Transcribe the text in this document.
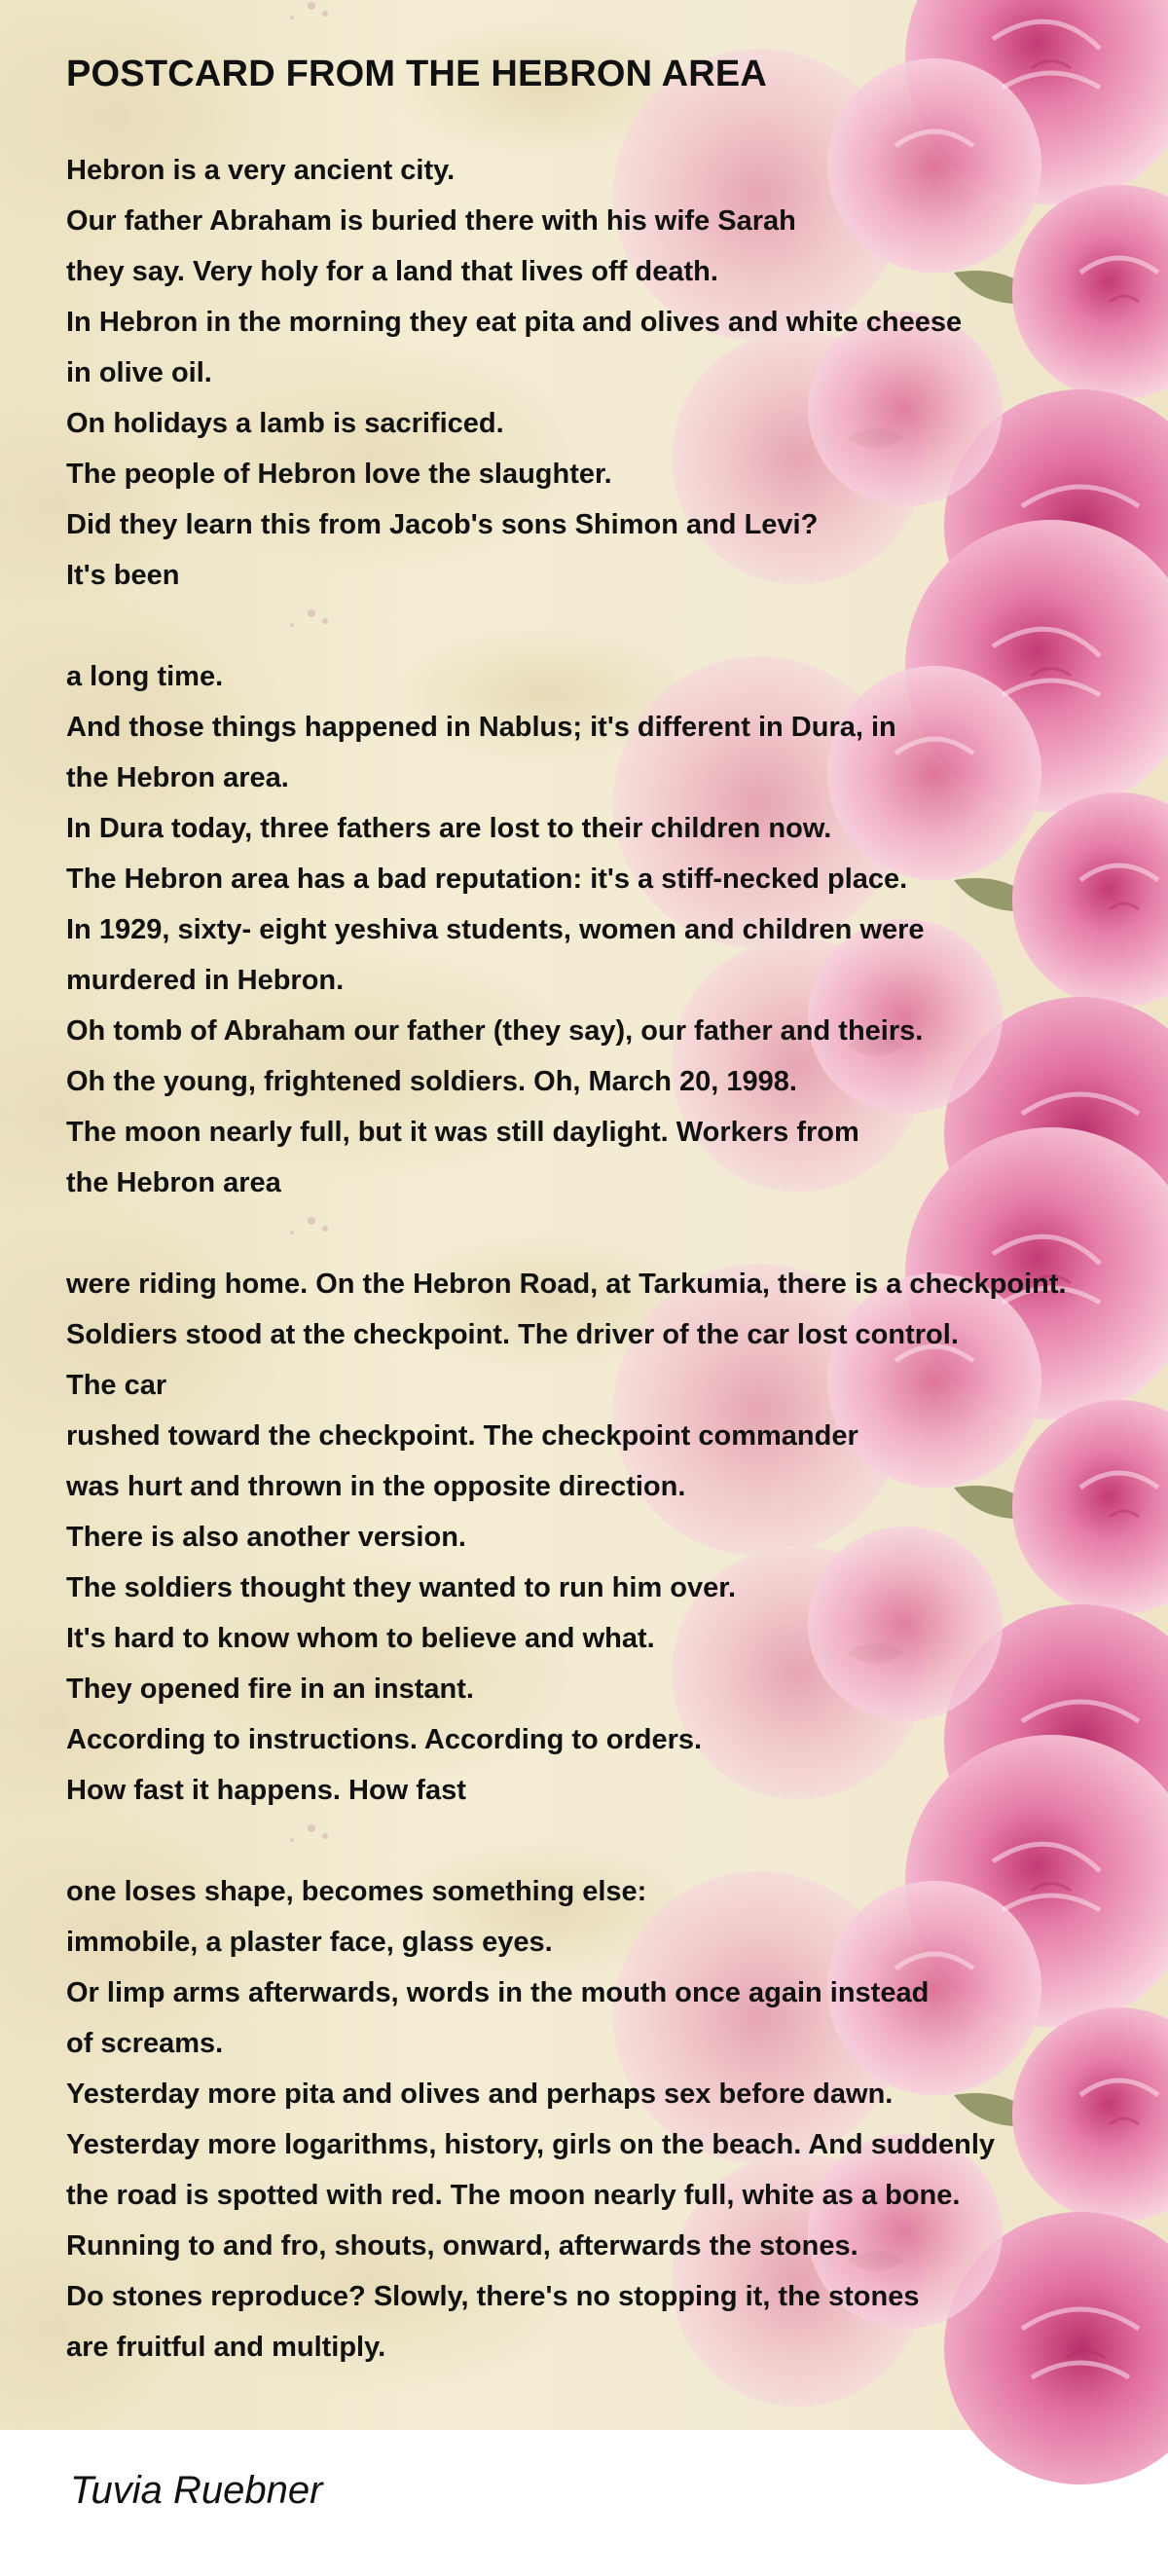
POSTCARD FROM THE HEBRON AREA
Hebron is a very ancient city.
Our father Abraham is buried there with his wife Sarah
they say. Very holy for a land that lives off death.
In Hebron in the morning they eat pita and olives and white cheese
in olive oil.
On holidays a lamb is sacrificed.
The people of Hebron love the slaughter.
Did they learn this from Jacob's sons Shimon and Levi?
It's been
a long time.
And those things happened in Nablus; it's different in Dura, in
the Hebron area.
In Dura today, three fathers are lost to their children now.
The Hebron area has a bad reputation: it's a stiff-necked place.
In 1929, sixty- eight yeshiva students, women and children were
murdered in Hebron.
Oh tomb of Abraham our father (they say), our father and theirs.
Oh the young, frightened soldiers. Oh, March 20, 1998.
The moon nearly full, but it was still daylight. Workers from
the Hebron area
were riding home. On the Hebron Road, at Tarkumia, there is a checkpoint.
Soldiers stood at the checkpoint. The driver of the car lost control.
The car
rushed toward the checkpoint. The checkpoint commander
was hurt and thrown in the opposite direction.
There is also another version.
The soldiers thought they wanted to run him over.
It's hard to know whom to believe and what.
They opened fire in an instant.
According to instructions. According to orders.
How fast it happens. How fast
one loses shape, becomes something else:
immobile, a plaster face, glass eyes.
Or limp arms afterwards, words in the mouth once again instead
of screams.
Yesterday more pita and olives and perhaps sex before dawn.
Yesterday more logarithms, history, girls on the beach. And suddenly
the road is spotted with red. The moon nearly full, white as a bone.
Running to and fro, shouts, onward, afterwards the stones.
Do stones reproduce? Slowly, there's no stopping it, the stones
are fruitful and multiply.
Tuvia Ruebner
